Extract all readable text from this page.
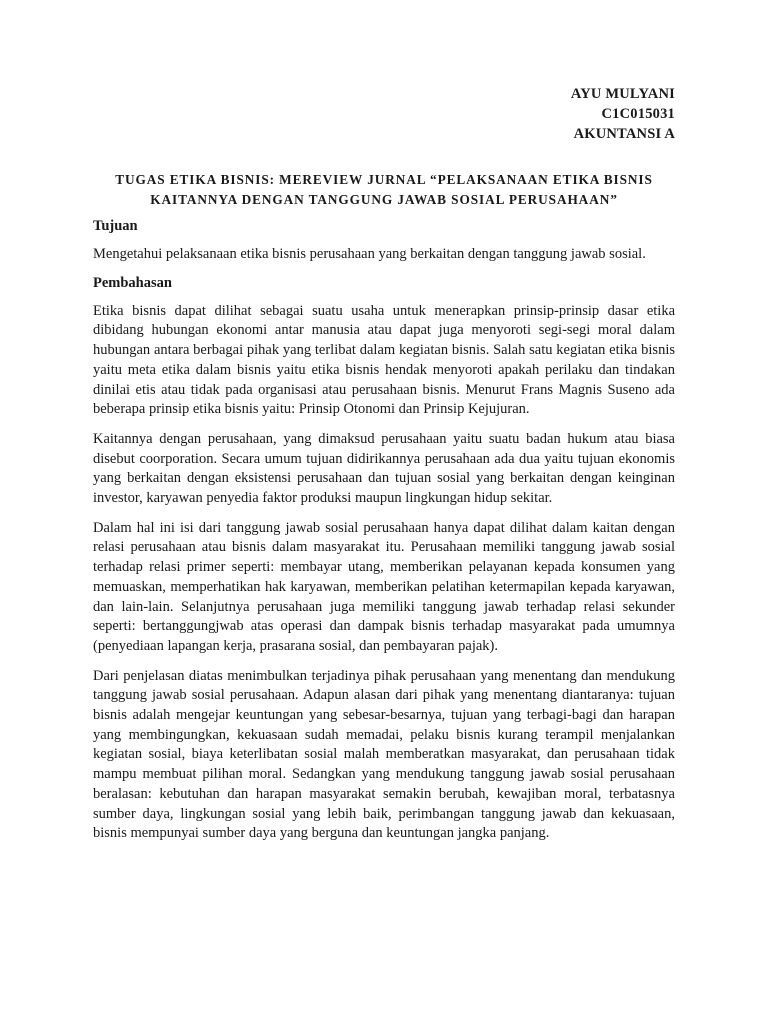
AYU MULYANI
C1C015031
AKUNTANSI A
TUGAS ETIKA BISNIS: MEREVIEW JURNAL “PELAKSANAAN ETIKA BISNIS
KAITANNYA DENGAN TANGGUNG JAWAB SOSIAL PERUSAHAAN”
Tujuan

Mengetahui pelaksanaan etika bisnis perusahaan yang berkaitan dengan tanggung jawab sosial.

Pembahasan

Etika bisnis dapat dilihat sebagai suatu usaha untuk menerapkan prinsip-prinsip dasar etika dibidang hubungan ekonomi antar manusia atau dapat juga menyoroti segi-segi moral dalam hubungan antara berbagai pihak yang terlibat dalam kegiatan bisnis. Salah satu kegiatan etika bisnis yaitu meta etika dalam bisnis yaitu etika bisnis hendak menyoroti apakah perilaku dan tindakan dinilai etis atau tidak pada organisasi atau perusahaan bisnis. Menurut Frans Magnis Suseno ada beberapa prinsip etika bisnis yaitu: Prinsip Otonomi dan Prinsip Kejujuran.

Kaitannya dengan perusahaan, yang dimaksud perusahaan yaitu suatu badan hukum atau biasa disebut coorporation. Secara umum tujuan didirikannya perusahaan ada dua yaitu tujuan ekonomis yang berkaitan dengan eksistensi perusahaan dan tujuan sosial yang berkaitan dengan keinginan investor, karyawan penyedia faktor produksi maupun lingkungan hidup sekitar.

Dalam hal ini isi dari tanggung jawab sosial perusahaan hanya dapat dilihat dalam kaitan dengan relasi perusahaan atau bisnis dalam masyarakat itu. Perusahaan memiliki tanggung jawab sosial terhadap relasi primer seperti: membayar utang, memberikan pelayanan kepada konsumen yang memuaskan, memperhatikan hak karyawan, memberikan pelatihan ketermapilan kepada karyawan, dan lain-lain. Selanjutnya perusahaan juga memiliki tanggung jawab terhadap relasi sekunder seperti: bertanggungjwab atas operasi dan dampak bisnis terhadap masyarakat pada umumnya (penyediaan lapangan kerja, prasarana sosial, dan pembayaran pajak).

Dari penjelasan diatas menimbulkan terjadinya pihak perusahaan yang menentang dan mendukung tanggung jawab sosial perusahaan. Adapun alasan dari pihak yang menentang diantaranya: tujuan bisnis adalah mengejar keuntungan yang sebesar-besarnya, tujuan yang terbagi-bagi dan harapan yang membingungkan, kekuasaan sudah memadai, pelaku bisnis kurang terampil menjalankan kegiatan sosial, biaya keterlibatan sosial malah memberatkan masyarakat, dan perusahaan tidak mampu membuat pilihan moral. Sedangkan yang mendukung tanggung jawab sosial perusahaan beralasan: kebutuhan dan harapan masyarakat semakin berubah, kewajiban moral, terbatasnya sumber daya, lingkungan sosial yang lebih baik, perimbangan tanggung jawab dan kekuasaan, bisnis mempunyai sumber daya yang berguna dan keuntungan jangka panjang.
